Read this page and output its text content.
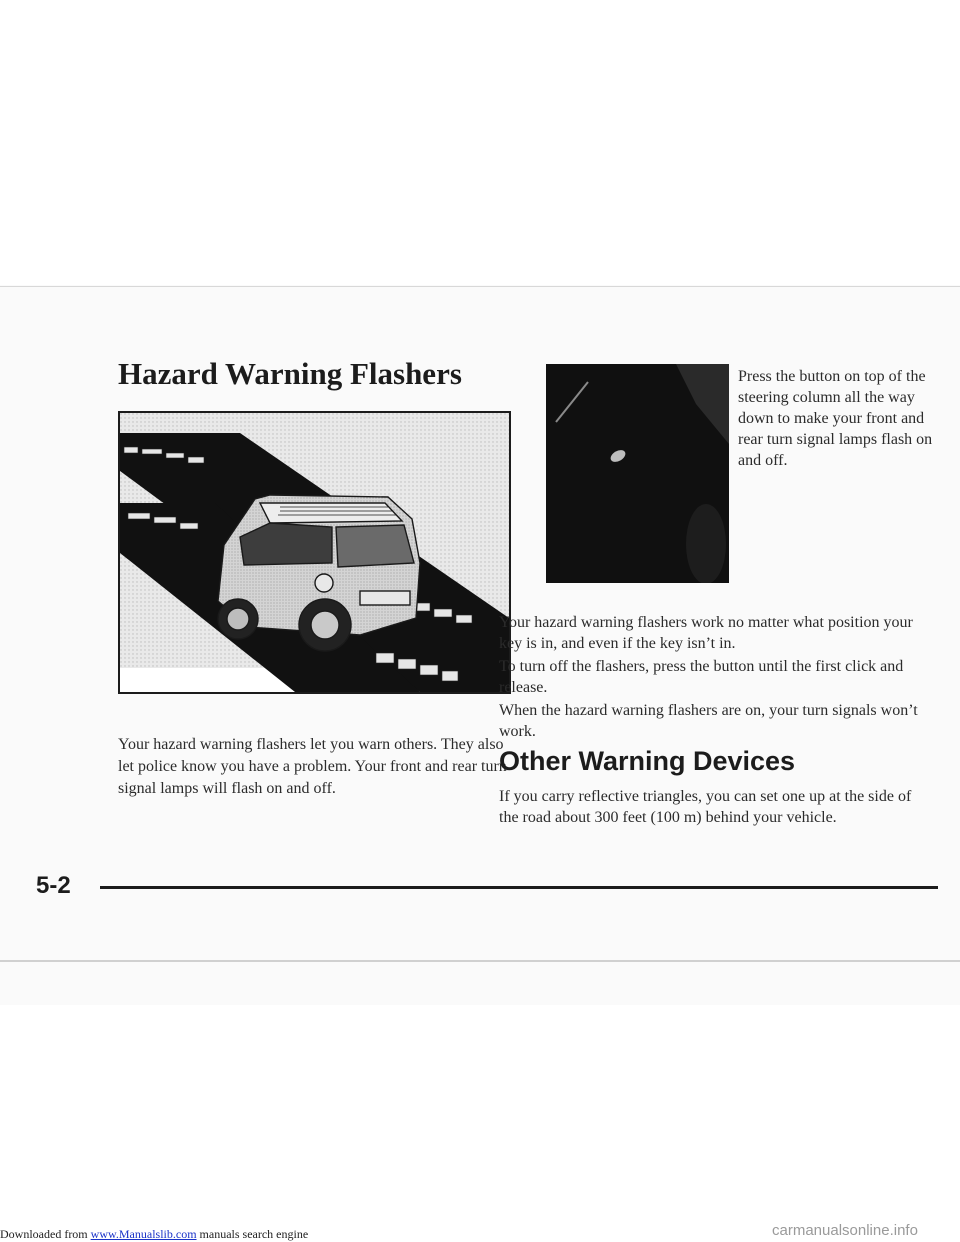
Hazard Warning Flashers

Your hazard warning flashers let you warn others. They also let police know you have a problem. Your front and rear turn signal lamps will flash on and off.

Press the button on top of the steering column all the way down to make your front and rear turn signal lamps flash on and off.

Your hazard warning flashers work no matter what position your key is in, and even if the key isn’t in.

To turn off the flashers, press the button until the first click and release.

When the hazard warning flashers are on, your turn signals won’t work.

Other Warning Devices

If you carry reflective triangles, you can set one up at the side of the road about 300 feet (100 m) behind your vehicle.

5-2

Downloaded from www.Manualslib.com manuals search engine	carmanualsonline.info
